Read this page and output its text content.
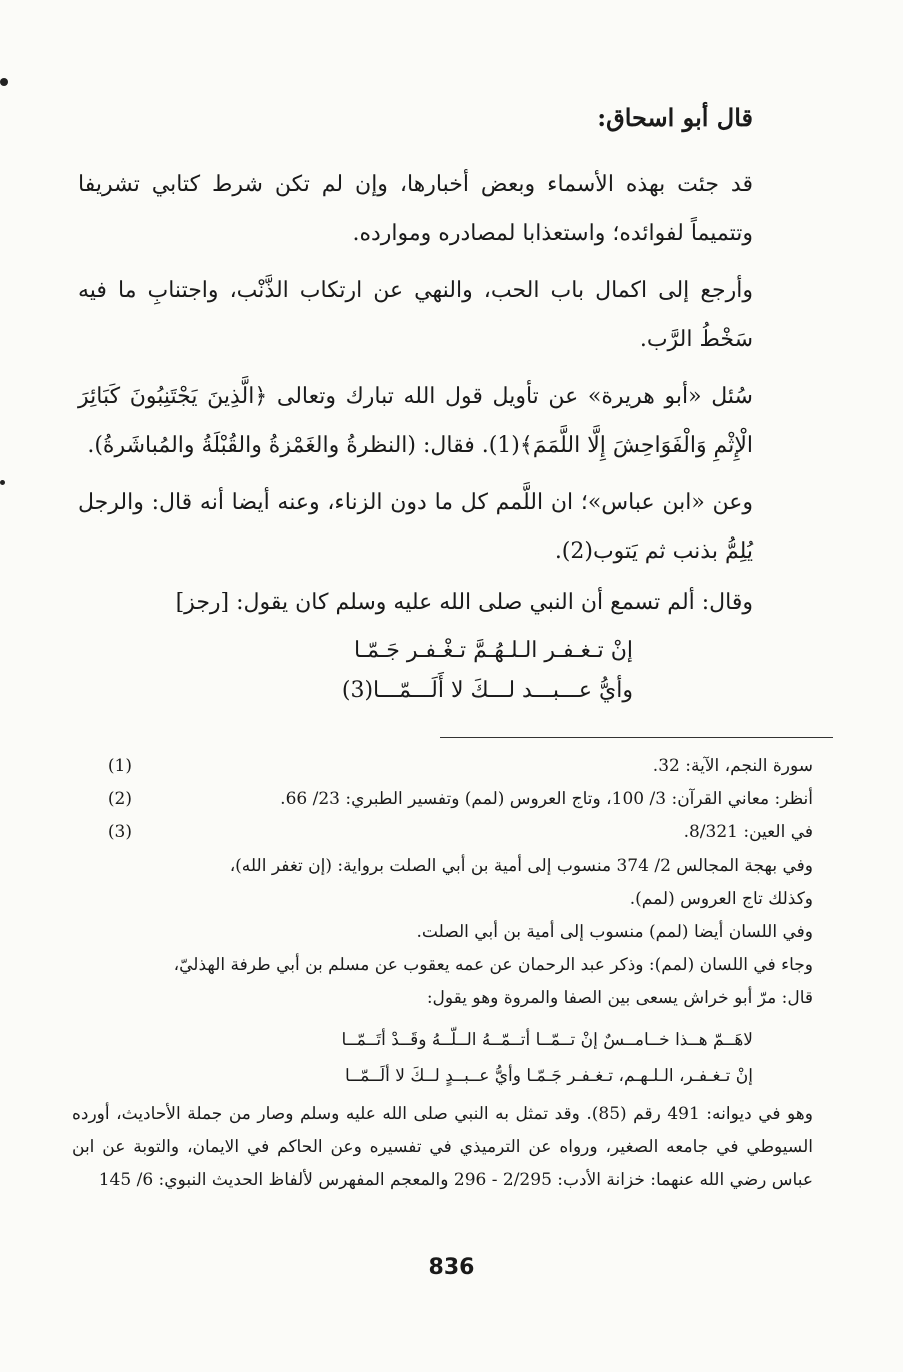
قال أبو اسحاق:
قد جئت بهذه الأسماء وبعض أخبارها، وإن لم تكن شرط كتابي تشريفا وتتميماً لفوائده؛ واستعذابا لمصادره وموارده.
وأرجع إلى اكمال باب الحب، والنهي عن ارتكاب الذَّنْب، واجتنابِ ما فيه سَخْطُ الرَّب.
سُئل «أبو هريرة» عن تأويل قول الله تبارك وتعالى ﴿الَّذِينَ يَجْتَنِبُونَ كَبَائِرَ الْإِثْمِ وَالْفَوَاحِشَ إِلَّا اللَّمَمَ﴾(1). فقال: (النظرةُ والغَمْزةُ والقُبْلَةُ والمُباشَرةُ).
وعن «ابن عباس»؛ ان اللَّمم كل ما دون الزناء، وعنه أيضا أنه قال: والرجل يُلِمُّ بذنب ثم يَتوب(2).
وقال: ألم تسمع أن النبي صلى الله عليه وسلم كان يقول: [رجز]
إنْ تـغـفـر الـلـهُـمَّ تـغْـفـر جَـمّـا
وأيُّ عـــبـــد لـــكَ لا أَلَـــمّـــا(3)
(1)	سورة النجم، الآية: 32.
(2)	أنظر: معاني القرآن: 3/ 100، وتاج العروس (لمم) وتفسير الطبري: 23/ 66.
(3)	في العين: 8/321.
وفي بهجة المجالس 2/ 374 منسوب إلى أمية بن أبي الصلت برواية: (إن تغفر الله)،
وكذلك تاج العروس (لمم).
وفي اللسان أيضا (لمم) منسوب إلى أمية بن أبي الصلت.
وجاء في اللسان (لمم): وذكر عبد الرحمان عن عمه يعقوب عن مسلم بن أبي طرفة الهذليّ،
قال: مرّ أبو خراش يسعى بين الصفا والمروة وهو يقول:
لاهَــمّ هــذا خــامــسٌ إنْ تــمّــا أتــمّــهُ الــلّــهُ وقَــدْ أتَــمّــا
إنْ تـغـفـر، الـلـهـم، تـغـفـر جَـمّـا وأيُّ عــبــدٍ لــكَ لا ألَــمّــا
وهو في ديوانه: 491 رقم (85). وقد تمثل به النبي صلى الله عليه وسلم وصار من جملة الأحاديث، أورده السيوطي في جامعه الصغير، ورواه عن الترميذي في تفسيره وعن الحاكم في الايمان، والتوبة عن ابن عباس رضي الله عنهما: خزانة الأدب: 2/295 - 296 والمعجم المفهرس لألفاظ الحديث النبوي: 6/ 145
836
